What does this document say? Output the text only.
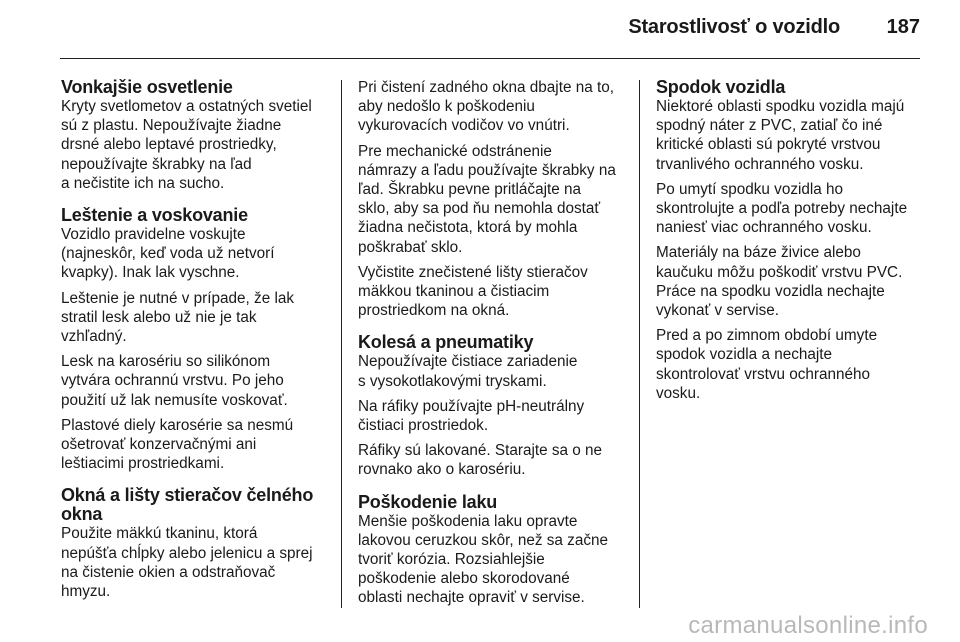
Starostlivosť o vozidlo 187
Vonkajšie osvetlenie

Kryty svetlometov a ostatných svetiel
sú z plastu. Nepoužívajte žiadne
drsné alebo leptavé prostriedky,
nepoužívajte škrabky na ľad
a nečistite ich na sucho.

Leštenie a voskovanie

Vozidlo pravidelne voskujte
(najneskôr, keď voda už netvorí
kvapky). Inak lak vyschne.

Leštenie je nutné v prípade, že lak
stratil lesk alebo už nie je tak
vzhľadný.

Lesk na karosériu so silikónom
vytvára ochrannú vrstvu. Po jeho
použití už lak nemusíte voskovať.

Plastové diely karosérie sa nesmú
ošetrovať konzervačnými ani
leštiacimi prostriedkami.

Okná a lišty stieračov čelného
okna

Použite mäkkú tkaninu, ktorá
nepúšťa chĺpky alebo jelenicu a sprej
na čistenie okien a odstraňovač
hmyzu.

Pri čistení zadného okna dbajte na to,
aby nedošlo k poškodeniu
vykurovacích vodičov vo vnútri.

Pre mechanické odstránenie
námrazy a ľadu používajte škrabky na
ľad. Škrabku pevne pritláčajte na
sklo, aby sa pod ňu nemohla dostať
žiadna nečistota, ktorá by mohla
poškrabať sklo.

Vyčistite znečistené lišty stieračov
mäkkou tkaninou a čistiacim
prostriedkom na okná.

Kolesá a pneumatiky

Nepoužívajte čistiace zariadenie
s vysokotlakovými tryskami.

Na ráfiky používajte pH-neutrálny
čistiaci prostriedok.

Ráfiky sú lakované. Starajte sa o ne
rovnako ako o karosériu.

Poškodenie laku

Menšie poškodenia laku opravte
lakovou ceruzkou skôr, než sa začne
tvoriť korózia. Rozsiahlejšie
poškodenie alebo skorodované
oblasti nechajte opraviť v servise.

Spodok vozidla

Niektoré oblasti spodku vozidla majú
spodný náter z PVC, zatiaľ čo iné
kritické oblasti sú pokryté vrstvou
trvanlivého ochranného vosku.

Po umytí spodku vozidla ho
skontrolujte a podľa potreby nechajte
naniesť viac ochranného vosku.

Materiály na báze živice alebo
kaučuku môžu poškodiť vrstvu PVC.
Práce na spodku vozidla nechajte
vykonať v servise.

Pred a po zimnom období umyte
spodok vozidla a nechajte
skontrolovať vrstvu ochranného
vosku.

carmanualsonline.info
